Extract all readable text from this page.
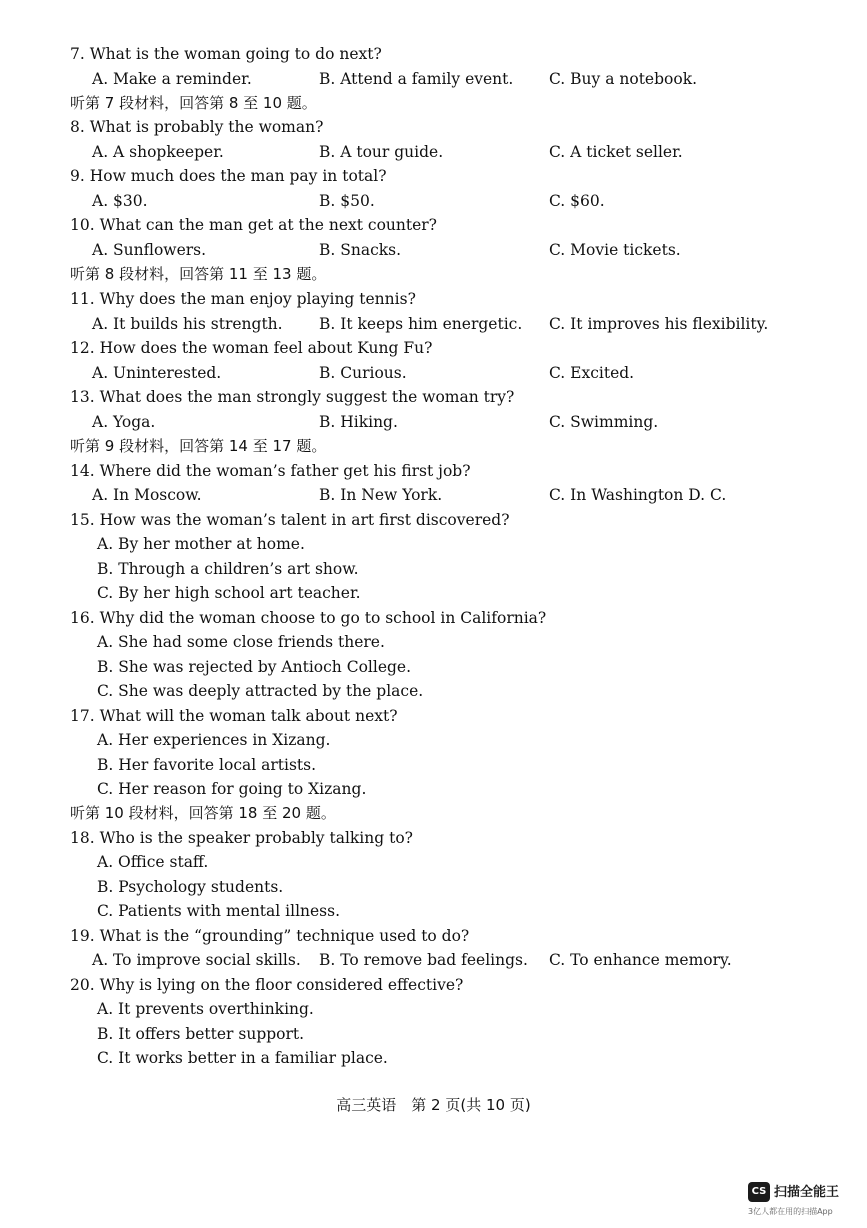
7. What is the woman going to do next?
A. Make a reminder.	B. Attend a family event. C. Buy a notebook.
听第 7 段材料，回答第 8 至 10 题。
8. What is probably the woman?
A. A shopkeeper.	B. A tour guide.	C. A ticket seller.
9. How much does the man pay in total?
A. $30.	B. $50.	C. $60.
10. What can the man get at the next counter?
A. Sunflowers.	B. Snacks.	C. Movie tickets.
听第 8 段材料，回答第 11 至 13 题。
11. Why does the man enjoy playing tennis?
A. It builds his strength. B. It keeps him energetic. C. It improves his flexibility.
12. How does the woman feel about Kung Fu?
A. Uninterested.	B. Curious.	C. Excited.
13. What does the man strongly suggest the woman try?
A. Yoga.	B. Hiking.	C. Swimming.
听第 9 段材料，回答第 14 至 17 题。
14. Where did the woman’s father get his first job?
A. In Moscow.	B. In New York.	C. In Washington D. C.
15. How was the woman’s talent in art first discovered?
A. By her mother at home.
B. Through a children’s art show.
C. By her high school art teacher.
16. Why did the woman choose to go to school in California?
A. She had some close friends there.
B. She was rejected by Antioch College.
C. She was deeply attracted by the place.
17. What will the woman talk about next?
A. Her experiences in Xizang.
B. Her favorite local artists.
C. Her reason for going to Xizang.
听第 10 段材料，回答第 18 至 20 题。
18. Who is the speaker probably talking to?
A. Office staff.
B. Psychology students.
C. Patients with mental illness.
19. What is the “grounding” technique used to do?
A. To improve social skills. B. To remove bad feelings. C. To enhance memory.
20. Why is lying on the floor considered effective?
A. It prevents overthinking.
B. It offers better support.
C. It works better in a familiar place.
高三英语　第 2 页(共 10 页)
CS 扫描全能王
3亿人都在用的扫描App
